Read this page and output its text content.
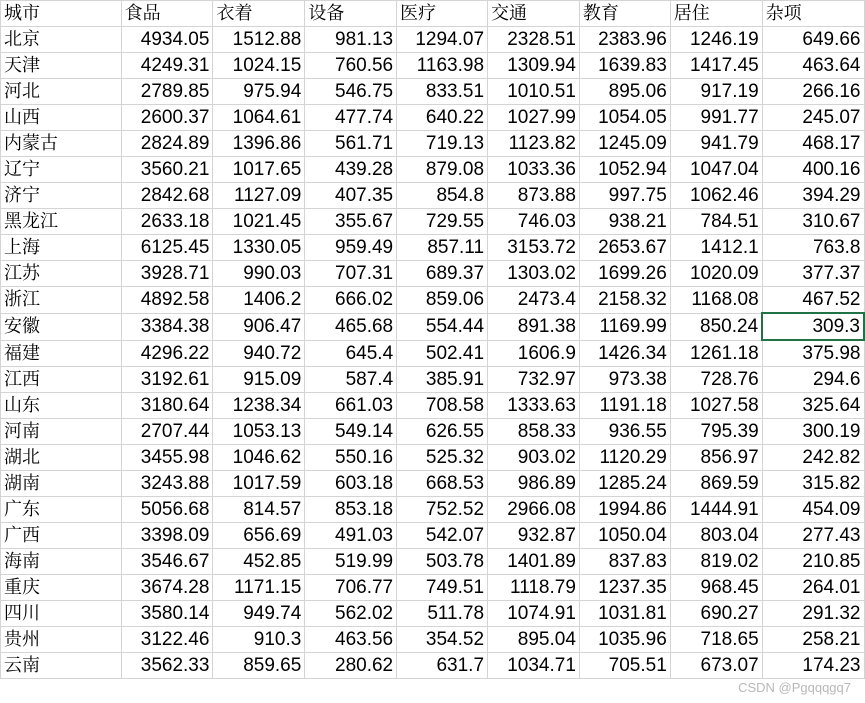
城市	食品	衣着	设备	医疗	交通	教育	居住	杂项
北京	4934.05	1512.88	981.13	1294.07	2328.51	2383.96	1246.19	649.66
天津	4249.31	1024.15	760.56	1163.98	1309.94	1639.83	1417.45	463.64
河北	2789.85	975.94	546.75	833.51	1010.51	895.06	917.19	266.16
山西	2600.37	1064.61	477.74	640.22	1027.99	1054.05	991.77	245.07
内蒙古	2824.89	1396.86	561.71	719.13	1123.82	1245.09	941.79	468.17
辽宁	3560.21	1017.65	439.28	879.08	1033.36	1052.94	1047.04	400.16
济宁	2842.68	1127.09	407.35	854.8	873.88	997.75	1062.46	394.29
黑龙江	2633.18	1021.45	355.67	729.55	746.03	938.21	784.51	310.67
上海	6125.45	1330.05	959.49	857.11	3153.72	2653.67	1412.1	763.8
江苏	3928.71	990.03	707.31	689.37	1303.02	1699.26	1020.09	377.37
浙江	4892.58	1406.2	666.02	859.06	2473.4	2158.32	1168.08	467.52
安徽	3384.38	906.47	465.68	554.44	891.38	1169.99	850.24	309.3
福建	4296.22	940.72	645.4	502.41	1606.9	1426.34	1261.18	375.98
江西	3192.61	915.09	587.4	385.91	732.97	973.38	728.76	294.6
山东	3180.64	1238.34	661.03	708.58	1333.63	1191.18	1027.58	325.64
河南	2707.44	1053.13	549.14	626.55	858.33	936.55	795.39	300.19
湖北	3455.98	1046.62	550.16	525.32	903.02	1120.29	856.97	242.82
湖南	3243.88	1017.59	603.18	668.53	986.89	1285.24	869.59	315.82
广东	5056.68	814.57	853.18	752.52	2966.08	1994.86	1444.91	454.09
广西	3398.09	656.69	491.03	542.07	932.87	1050.04	803.04	277.43
海南	3546.67	452.85	519.99	503.78	1401.89	837.83	819.02	210.85
重庆	3674.28	1171.15	706.77	749.51	1118.79	1237.35	968.45	264.01
四川	3580.14	949.74	562.02	511.78	1074.91	1031.81	690.27	291.32
贵州	3122.46	910.3	463.56	354.52	895.04	1035.96	718.65	258.21
云南	3562.33	859.65	280.62	631.7	1034.71	705.51	673.07	174.23
CSDN @Pgqqqgq7
